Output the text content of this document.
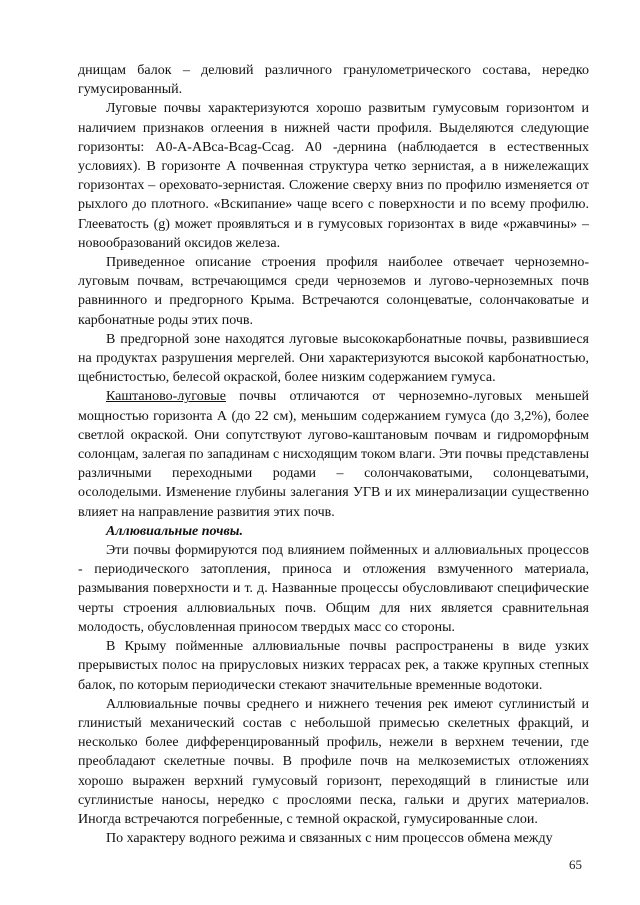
днищам балок – делювий различного гранулометрического состава, нередко гумусированный.

Луговые почвы характеризуются хорошо развитым гумусовым горизонтом и наличием признаков оглеения в нижней части профиля. Выделяются следующие горизонты: A0-A-ABca-Bcag-Ccag. A0 -дернина (наблюдается в естественных условиях). В горизонте А почвенная структура четко зернистая, а в нижележащих горизонтах – ореховато-зернистая. Сложение сверху вниз по профилю изменяется от рыхлого до плотного. «Вскипание» чаще всего с поверхности и по всему профилю. Глееватость (g) может проявляться и в гумусовых горизонтах в виде «ржавчины» – новообразований оксидов железа.

Приведенное описание строения профиля наиболее отвечает черноземно-луговым почвам, встречающимся среди черноземов и лугово-черноземных почв равнинного и предгорного Крыма. Встречаются солонцеватые, солончаковатые и карбонатные роды этих почв.

В предгорной зоне находятся луговые высококарбонатные почвы, развившиеся на продуктах разрушения мергелей. Они характеризуются высокой карбонатностью, щебнистостью, белесой окраской, более низким содержанием гумуса.

Каштаново-луговые почвы отличаются от черноземно-луговых меньшей мощностью горизонта А (до 22 см), меньшим содержанием гумуса (до 3,2%), более светлой окраской. Они сопутствуют лугово-каштановым почвам и гидроморфным солонцам, залегая по западинам с нисходящим током влаги. Эти почвы представлены различными переходными родами – солончаковатыми, солонцеватыми, осолоделыми. Изменение глубины залегания УГВ и их минерализации существенно влияет на направление развития этих почв.

Аллювиальные почвы.

Эти почвы формируются под влиянием пойменных и аллювиальных процессов - периодического затопления, приноса и отложения взмученного материала, размывания поверхности и т. д. Названные процессы обусловливают специфические черты строения аллювиальных почв. Общим для них является сравнительная молодость, обусловленная приносом твердых масс со стороны.

В Крыму пойменные аллювиальные почвы распространены в виде узких прерывистых полос на прирусловых низких террасах рек, а также крупных степных балок, по которым периодически стекают значительные временные водотоки.

Аллювиальные почвы среднего и нижнего течения рек имеют суглинистый и глинистый механический состав с небольшой примесью скелетных фракций, и несколько более дифференцированный профиль, нежели в верхнем течении, где преобладают скелетные почвы. В профиле почв на мелкоземистых отложениях хорошо выражен верхний гумусовый горизонт, переходящий в глинистые или суглинистые наносы, нередко с прослоями песка, гальки и других материалов. Иногда встречаются погребенные, с темной окраской, гумусированные слои.

По характеру водного режима и связанных с ним процессов обмена между

65
